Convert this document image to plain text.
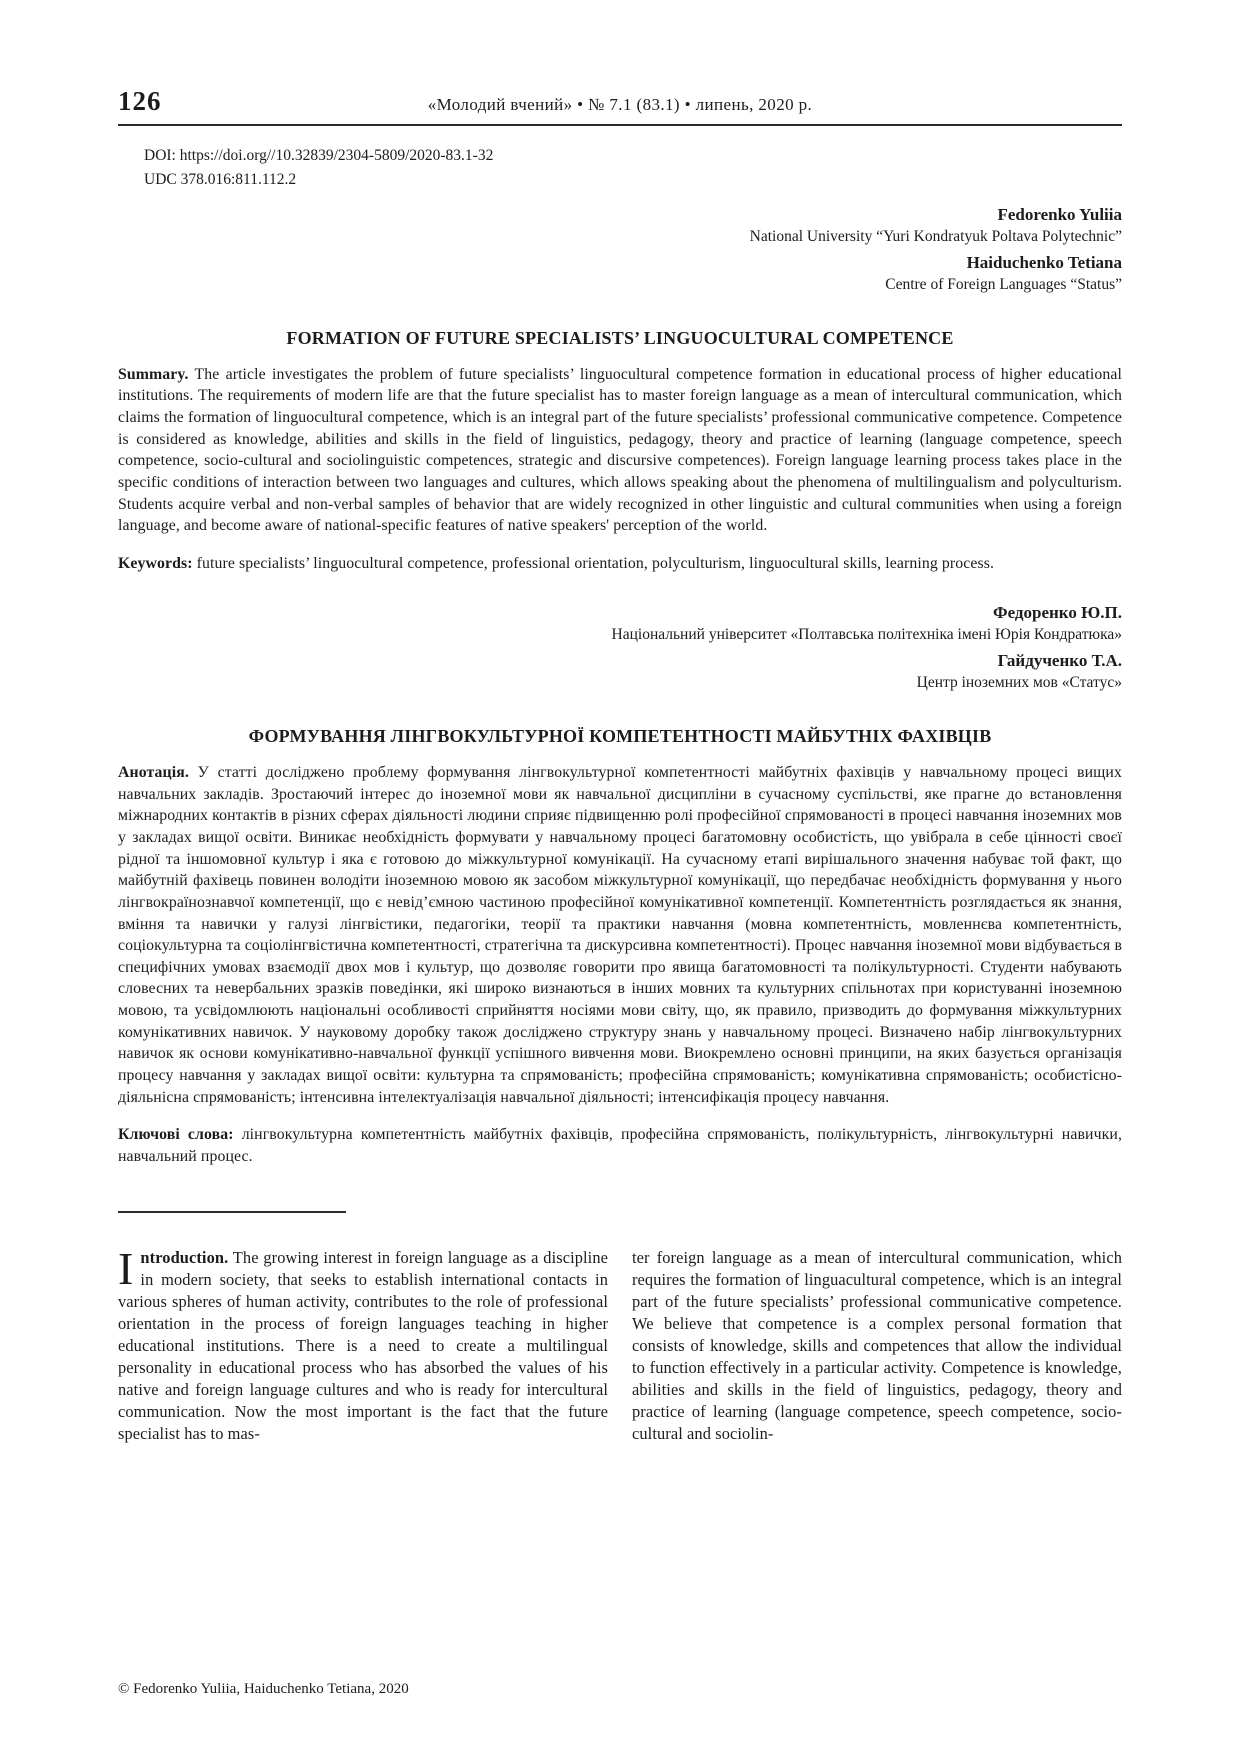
126	«Молодий вчений» • № 7.1 (83.1) • липень, 2020 р.
DOI: https://doi.org//10.32839/2304-5809/2020-83.1-32
UDC 378.016:811.112.2
Fedorenko Yuliia
National University “Yuri Kondratyuk Poltava Polytechnic”
Haiduchenko Tetiana
Centre of Foreign Languages “Status”
FORMATION OF FUTURE SPECIALISTS’ LINGUOCULTURAL COMPETENCE

Summary. The article investigates the problem of future specialists’ linguocultural competence formation in educational process of higher educational institutions. The requirements of modern life are that the future specialist has to master foreign language as a mean of intercultural communication, which claims the formation of linguocultural competence, which is an integral part of the future specialists’ professional communicative competence. Competence is considered as knowledge, abilities and skills in the field of linguistics, pedagogy, theory and practice of learning (language competence, speech competence, socio-cultural and sociolinguistic competences, strategic and discursive competences). Foreign language learning process takes place in the specific conditions of interaction between two languages and cultures, which allows speaking about the phenomena of multilingualism and polyculturism. Students acquire verbal and non-verbal samples of behavior that are widely recognized in other linguistic and cultural communities when using a foreign language, and become aware of national-specific features of native speakers' perception of the world.

Keywords: future specialists’ linguocultural competence, professional orientation, polyculturism, linguocultural skills, learning process.

Федоренко Ю.П.
Національний університет «Полтавська політехніка імені Юрія Кондратюка»
Гайдученко Т.А.
Центр іноземних мов «Статус»
ФОРМУВАННЯ ЛІНГВОКУЛЬТУРНОЇ КОМПЕТЕНТНОСТІ МАЙБУТНІХ ФАХІВЦІВ

Анотація. У статті досліджено проблему формування лінгвокультурної компетентності майбутніх фахівців у навчальному процесі вищих навчальних закладів. Зростаючий інтерес до іноземної мови як навчальної дисципліни в сучасному суспільстві, яке прагне до встановлення міжнародних контактів в різних сферах діяльності людини сприяє підвищенню ролі професійної спрямованості в процесі навчання іноземних мов у закладах вищої освіти. Виникає необхідність формувати у навчальному процесі багатомовну особистість, що увібрала в себе цінності своєї рідної та іншомовної культур і яка є готовою до міжкультурної комунікації. На сучасному етапі вирішального значення набуває той факт, що майбутній фахівець повинен володіти іноземною мовою як засобом міжкультурної комунікації, що передбачає необхідність формування у нього лінгвокраїнознавчої компетенції, що є невід’ємною частиною професійної комунікативної компетенції. Компетентність розглядається як знання, вміння та навички у галузі лінгвістики, педагогіки, теорії та практики навчання (мовна компетентність, мовленнєва компетентність, соціокультурна та соціолінгвістична компетентності, стратегічна та дискурсивна компетентності). Процес навчання іноземної мови відбувається в специфічних умовах взаємодії двох мов і культур, що дозволяє говорити про явища багатомовності та полікультурності. Студенти набувають словесних та невербальних зразків поведінки, які широко визнаються в інших мовних та культурних спільнотах при користуванні іноземною мовою, та усвідомлюють національні особливості сприйняття носіями мови світу, що, як правило, призводить до формування міжкультурних комунікативних навичок. У науковому доробку також досліджено структуру знань у навчальному процесі. Визначено набір лінгвокультурних навичок як основи комунікативно-навчальної функції успішного вивчення мови. Виокремлено основні принципи, на яких базується організація процесу навчання у закладах вищої освіти: культурна та спрямованість; професійна спрямованість; комунікативна спрямованість; особистісно-діяльнісна спрямованість; інтенсивна інтелектуалізація навчальної діяльності; інтенсифікація процесу навчання.

Ключові слова: лінгвокультурна компетентність майбутніх фахівців, професійна спрямованість, полікультурність, лінгвокультурні навички, навчальний процес.

Introduction. The growing interest in foreign language as a discipline in modern society, that seeks to establish international contacts in various spheres of human activity, contributes to the role of professional orientation in the process of foreign languages teaching in higher educational institutions. There is a need to create a multilingual personality in educational process who has absorbed the values of his native and foreign language cultures and who is ready for intercultural communication. Now the most important is the fact that the future specialist has to mas-
ter foreign language as a mean of intercultural communication, which requires the formation of linguacultural competence, which is an integral part of the future specialists’ professional communicative competence. We believe that competence is a complex personal formation that consists of knowledge, skills and competences that allow the individual to function effectively in a particular activity. Competence is knowledge, abilities and skills in the field of linguistics, pedagogy, theory and practice of learning (language competence, speech competence, socio-cultural and sociolin-
© Fedorenko Yuliia, Haiduchenko Tetiana, 2020
